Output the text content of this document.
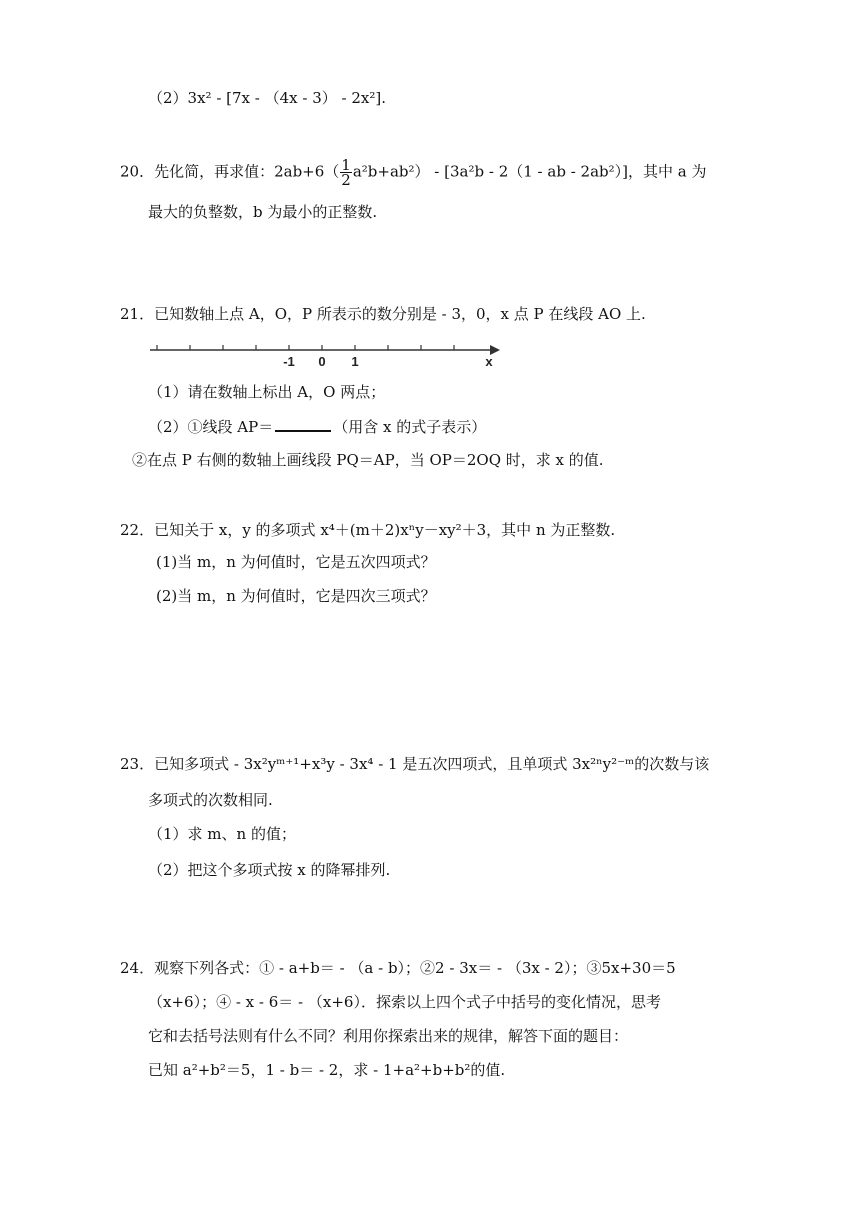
（2）3x² - [7x - （4x - 3） - 2x²].
20．先化简，再求值：$2ab+6( \frac{1}{2} a^2b+ab^2) - [3a^2b - 2(1$ - ab - 2ab²）]，其中 a 为
最大的负整数，b 为最小的正整数.
21．已知数轴上点 A，O，P 所表示的数分别是 - 3，0，x 点 P 在线段 AO 上.
-1 0 1	x
（1）请在数轴上标出 A，O 两点；
（2）①线段 AP＝	（用含 x 的式子表示）
②在点 P 右侧的数轴上画线段 PQ＝AP，当 OP＝2OQ 时，求 x 的值.
22．已知关于 x，y 的多项式 x⁴＋(m＋2)xⁿy－xy²＋3，其中 n 为正整数.
(1)当 m，n 为何值时，它是五次四项式？
(2)当 m，n 为何值时，它是四次三项式？
23．已知多项式 - 3x²yᵐ⁺¹+x³y - 3x⁴ - 1 是五次四项式，且单项式 3x²ⁿy²⁻ᵐ的次数与该
多项式的次数相同.
（1）求 m、n 的值；
（2）把这个多项式按 x 的降幂排列.
24．观察下列各式：① - a+b＝ - （a - b）；②2 - 3x＝ - （3x - 2）；③5x+30＝5
（x+6）；④ - x - 6＝ - （x+6）．探索以上四个式子中括号的变化情况，思考
它和去括号法则有什么不同？利用你探索出来的规律，解答下面的题目：
已知 a²+b²＝5，1 - b＝ - 2，求 - 1+a²+b+b²的值.
